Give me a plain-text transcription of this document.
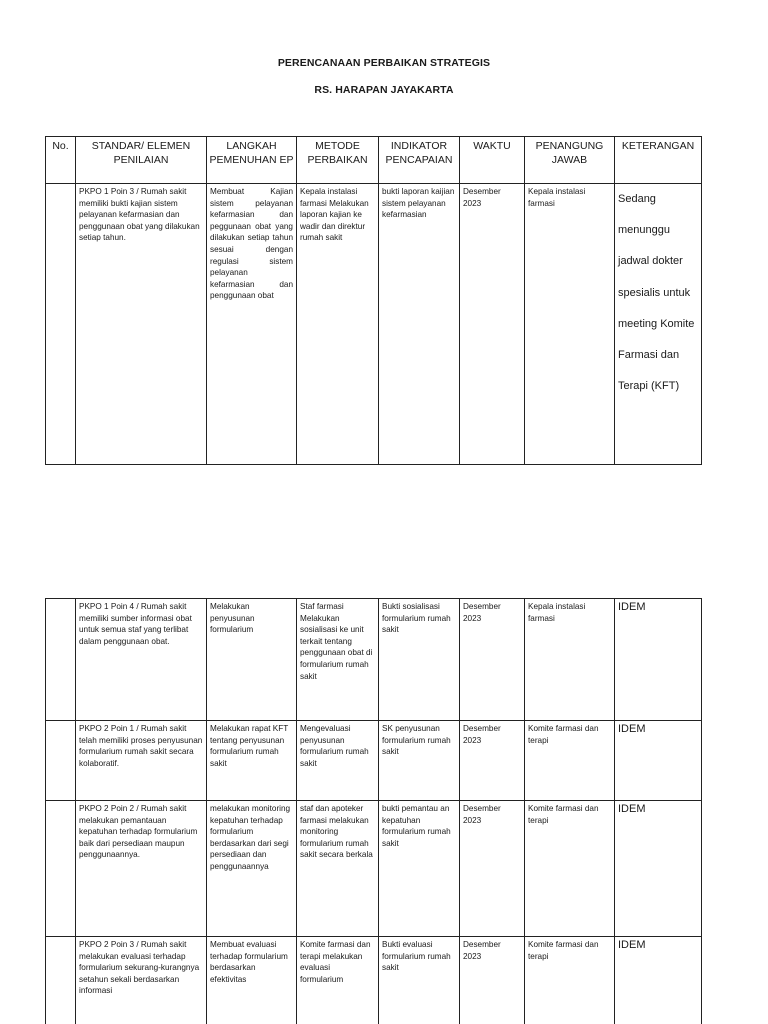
PERENCANAAN PERBAIKAN STRATEGIS
RS. HARAPAN JAYAKARTA
No.	STANDAR/ ELEMEN PENILAIAN	LANGKAH PEMENUHAN EP	METODE PERBAIKAN	INDIKATOR PENCAPAIAN	WAKTU	PENANGUNG JAWAB	KETERANGAN
	PKPO 1 Poin 3 / Rumah sakit memiliki bukti kajian sistem pelayanan kefarmasian dan penggunaan obat yang dilakukan setiap tahun.	Membuat Kajian sistem pelayanan kefarmasian dan peggunaan obat yang dilakukan setiap tahun sesuai dengan regulasi sistem pelayanan kefarmasian dan penggunaan obat	Kepala instalasi farmasi Melakukan laporan kajian ke wadir dan direktur rumah sakit	bukti laporan kaijian sistem pelayanan kefarmasian	Desember 2023	Kepala instalasi farmasi	Sedang menunggu jadwal dokter spesialis untuk meeting Komite Farmasi dan Terapi (KFT)
	PKPO 1 Poin 4 / Rumah sakit memiliki sumber informasi obat untuk semua staf yang terlibat dalam penggunaan obat.	Melakukan penyusunan formularium	Staf farmasi Melakukan sosialisasi ke unit terkait tentang penggunaan obat di formularium rumah sakit	Bukti sosialisasi formularium rumah sakit	Desember 2023	Kepala instalasi farmasi	IDEM
	PKPO 2 Poin 1 / Rumah sakit telah memiliki proses penyusunan formularium rumah sakit secara kolaboratif.	Melakukan rapat KFT tentang penyusunan formularium rumah sakit	Mengevaluasi penyusunan formularium rumah sakit	SK penyusunan formularium rumah sakit	Desember 2023	Komite farmasi dan terapi	IDEM
	PKPO 2 Poin 2 / Rumah sakit melakukan pemantauan kepatuhan terhadap formularium baik dari persediaan maupun penggunaannya.	melakukan monitoring kepatuhan terhadap formularium berdasarkan dari segi persediaan dan penggunaannya	staf dan apoteker farmasi melakukan monitoring formularium rumah sakit secara berkala	bukti pemantau an kepatuhan formularium rumah sakit	Desember 2023	Komite farmasi dan terapi	IDEM
	PKPO 2 Poin 3 / Rumah sakit melakukan evaluasi terhadap formularium sekurang-kurangnya setahun sekali berdasarkan informasi	Membuat evaluasi terhadap formularium berdasarkan efektivitas	Komite farmasi dan terapi melakukan evaluasi formularium	Bukti evaluasi formularium rumah sakit	Desember 2023	Komite farmasi dan terapi	IDEM
